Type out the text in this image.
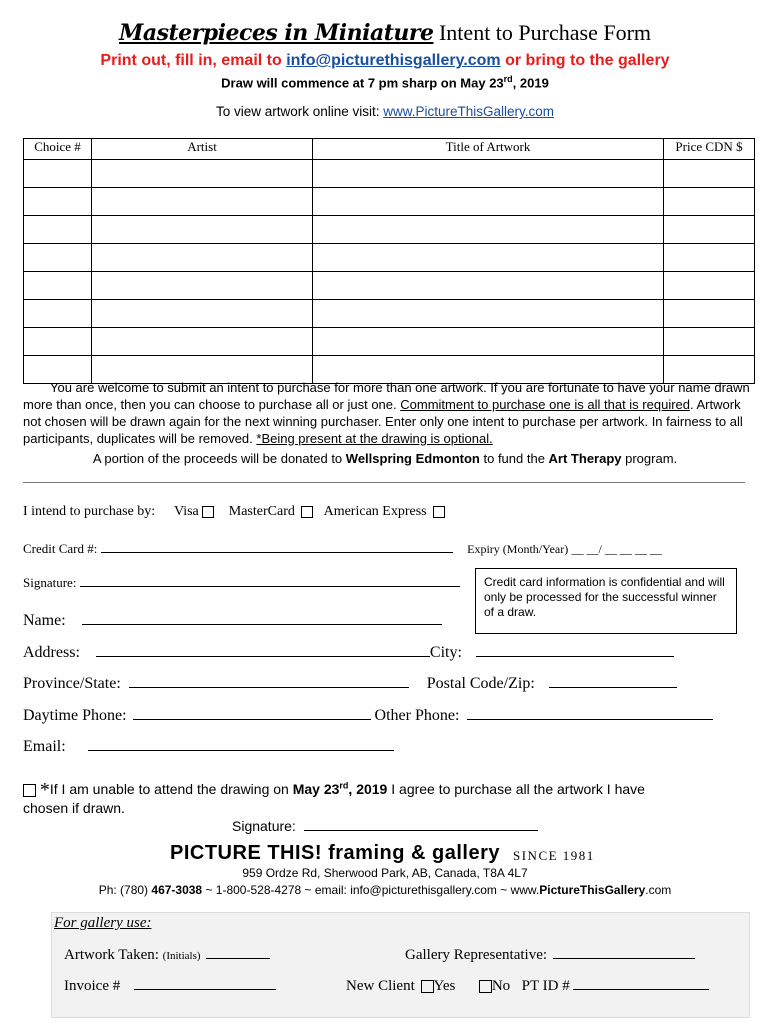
Masterpieces in Miniature Intent to Purchase Form
Print out, fill in, email to info@picturethisgallery.com or bring to the gallery
Draw will commence at 7 pm sharp on May 23rd, 2019
To view artwork online visit: www.PictureThisGallery.com
Choice #	Artist	Title of Artwork	Price CDN $

You are welcome to submit an intent to purchase for more than one artwork. If you are fortunate to have your name drawn more than once, then you can choose to purchase all or just one. Commitment to purchase one is all that is required. Artwork not chosen will be drawn again for the next winning purchaser. Enter only one intent to purchase per artwork. In fairness to all participants, duplicates will be removed. *Being present at the drawing is optional.
A portion of the proceeds will be donated to Wellspring Edmonton to fund the Art Therapy program.
I intend to purchase by: Visa MasterCard American Express
Credit Card #:	Expiry (Month/Year) __ __/ __ __ __ __
Signature:	Credit card information is confidential and will only be processed for the successful winner of a draw.
Name:
Address:	City:
Province/State:	Postal Code/Zip:
Daytime Phone:	Other Phone:
Email:
*If I am unable to attend the drawing on May 23rd, 2019 I agree to purchase all the artwork I have
chosen if drawn.
Signature:
PICTURE THIS! framing & gallery SINCE 1981
959 Ordze Rd, Sherwood Park, AB, Canada, T8A 4L7
Ph: (780) 467-3038 ~ 1-800-528-4278 ~ email: info@picturethisgallery.com ~ www.PictureThisGallery.com
For gallery use:
Artwork Taken: (Initials)	Gallery Representative:
Invoice #	New Client Yes No PT ID #
